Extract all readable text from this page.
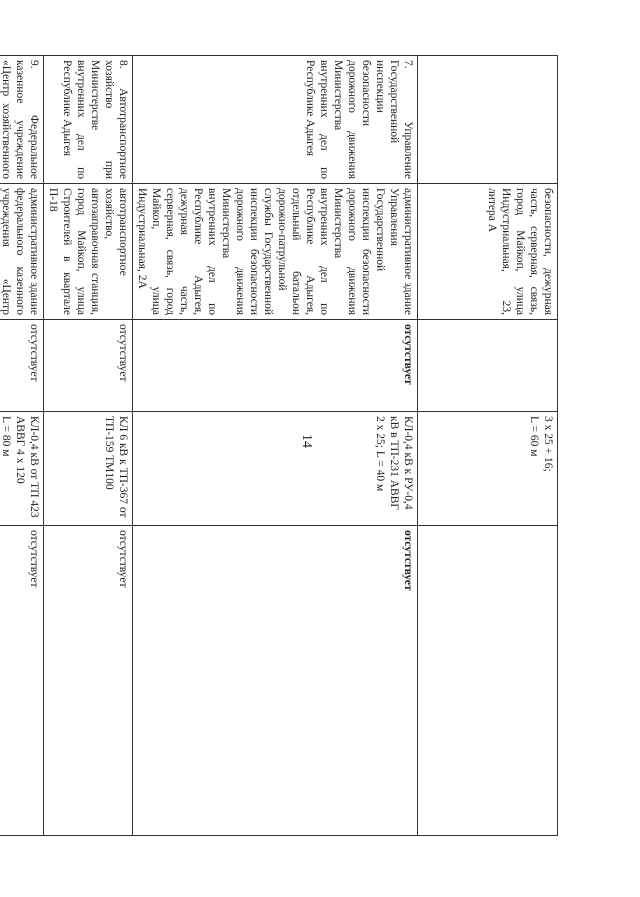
14
	безопасности, дежурная часть, серверная, связь, город Майкоп, улица Индустриальная, 23, литера А		3 х 25 + 16;
L = 60 м	
7. Управление Государственной инспекции безопасности дорожного движения Министерства внутренних дел по Республике Адыгея	административное здание Управления Государственной инспекции безопасности дорожного движения Министерства внутренних дел по Республике Адыгея, отдельный батальон дорожно-патрульной службы Государственной инспекции безопасности дорожного движения Министерства внутренних дел по Республике Адыгея, дежурная часть, серверная, связь, город Майкоп, улица Индустриальная, 2А	отсутствует	КЛ-0,4 кВ к РУ-0,4 кВ в ТП-231 АВВГ
2 х 25; L = 40 м	отсутствует
8. Автотранспортное хозяйство при Министерстве внутренних дел по Республике Адыгея	автотранспортное хозяйство, автозаправочная станция, город Майкоп, улица Строителей в квартале П-18	отсутствует	КЛ 6 кВ к ТП-367 от ТП-159 ТМ100	отсутствует
9. Федеральное казенное учреждение «Центр хозяйственного	административное здание федерального казенного учреждения «Центр	отсутствует	КЛ-0,4 кВ от ТП 423 АВВГ 4 х 120
L = 80 м	отсутствует
